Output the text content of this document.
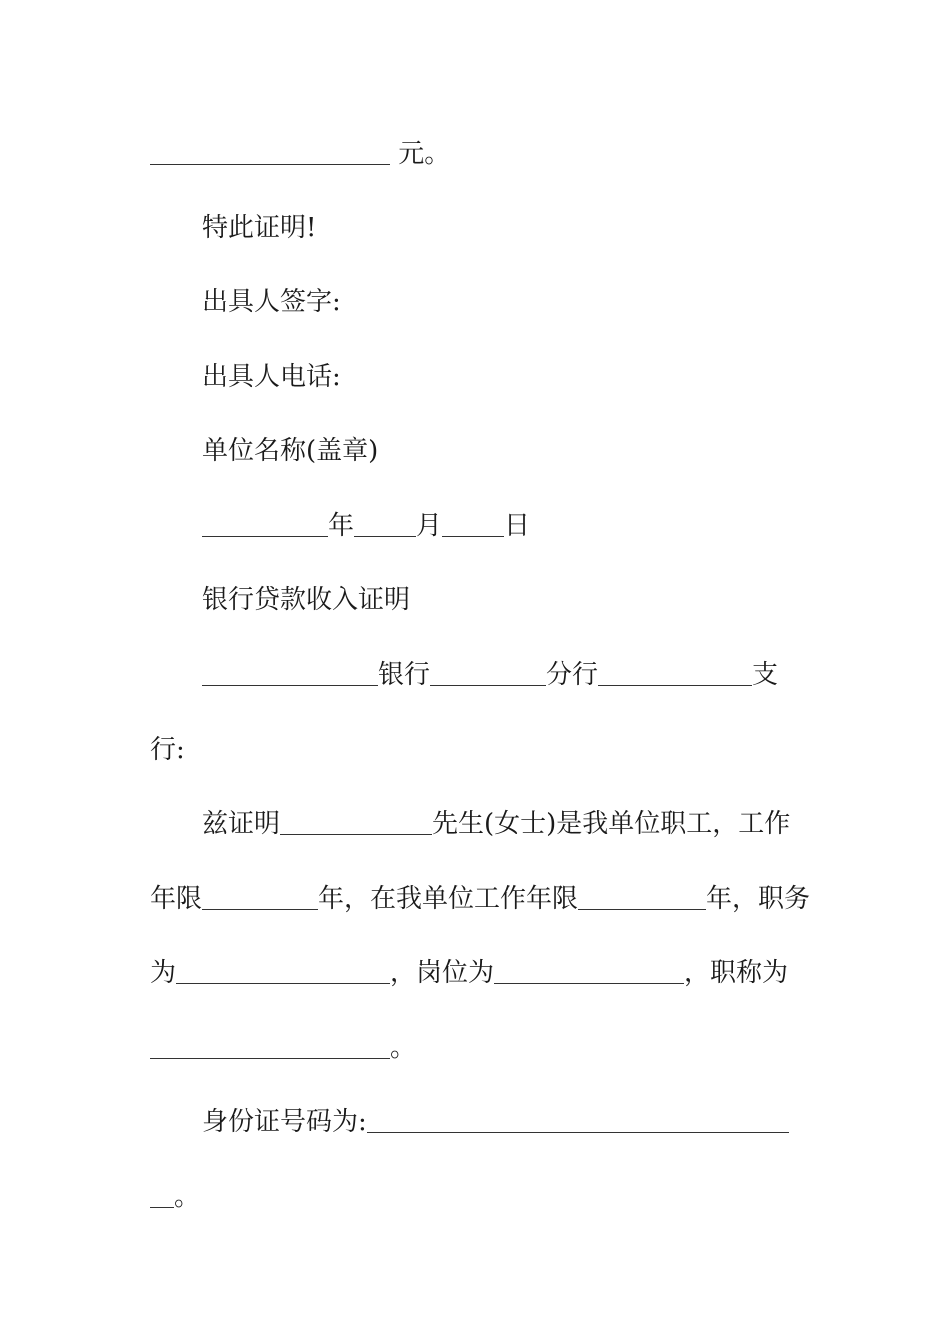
元。
特此证明!
出具人签字:
出具人电话:
单位名称(盖章)
年 月 日
银行贷款收入证明
银行	分行	支
行:
兹证明	先生(女士)是我单位职工，工作
年限	年，在我单位工作年限	年，职务
为	，岗位为	，职称为
。
身份证号码为:
。
